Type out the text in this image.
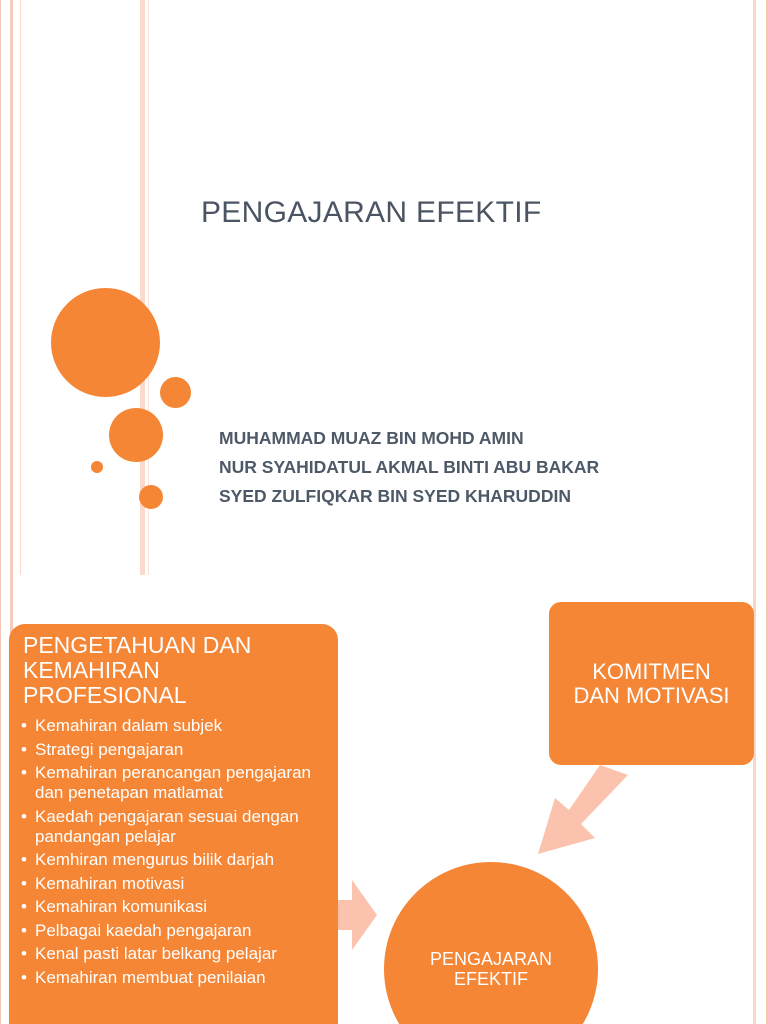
PENGAJARAN EFEKTIF
MUHAMMAD MUAZ BIN MOHD AMIN
NUR SYAHIDATUL AKMAL BINTI ABU BAKAR
SYED ZULFIQKAR BIN SYED KHARUDDIN
PENGETAHUAN DAN KEMAHIRAN PROFESIONAL
• Kemahiran dalam subjek
• Strategi pengajaran
• Kemahiran perancangan pengajaran dan penetapan matlamat
• Kaedah pengajaran sesuai dengan pandangan pelajar
• Kemhiran mengurus bilik darjah
• Kemahiran motivasi
• Kemahiran komunikasi
• Pelbagai kaedah pengajaran
• Kenal pasti latar belkang pelajar
• Kemahiran membuat penilaian
KOMITMEN
DAN MOTIVASI
PENGAJARAN
EFEKTIF
